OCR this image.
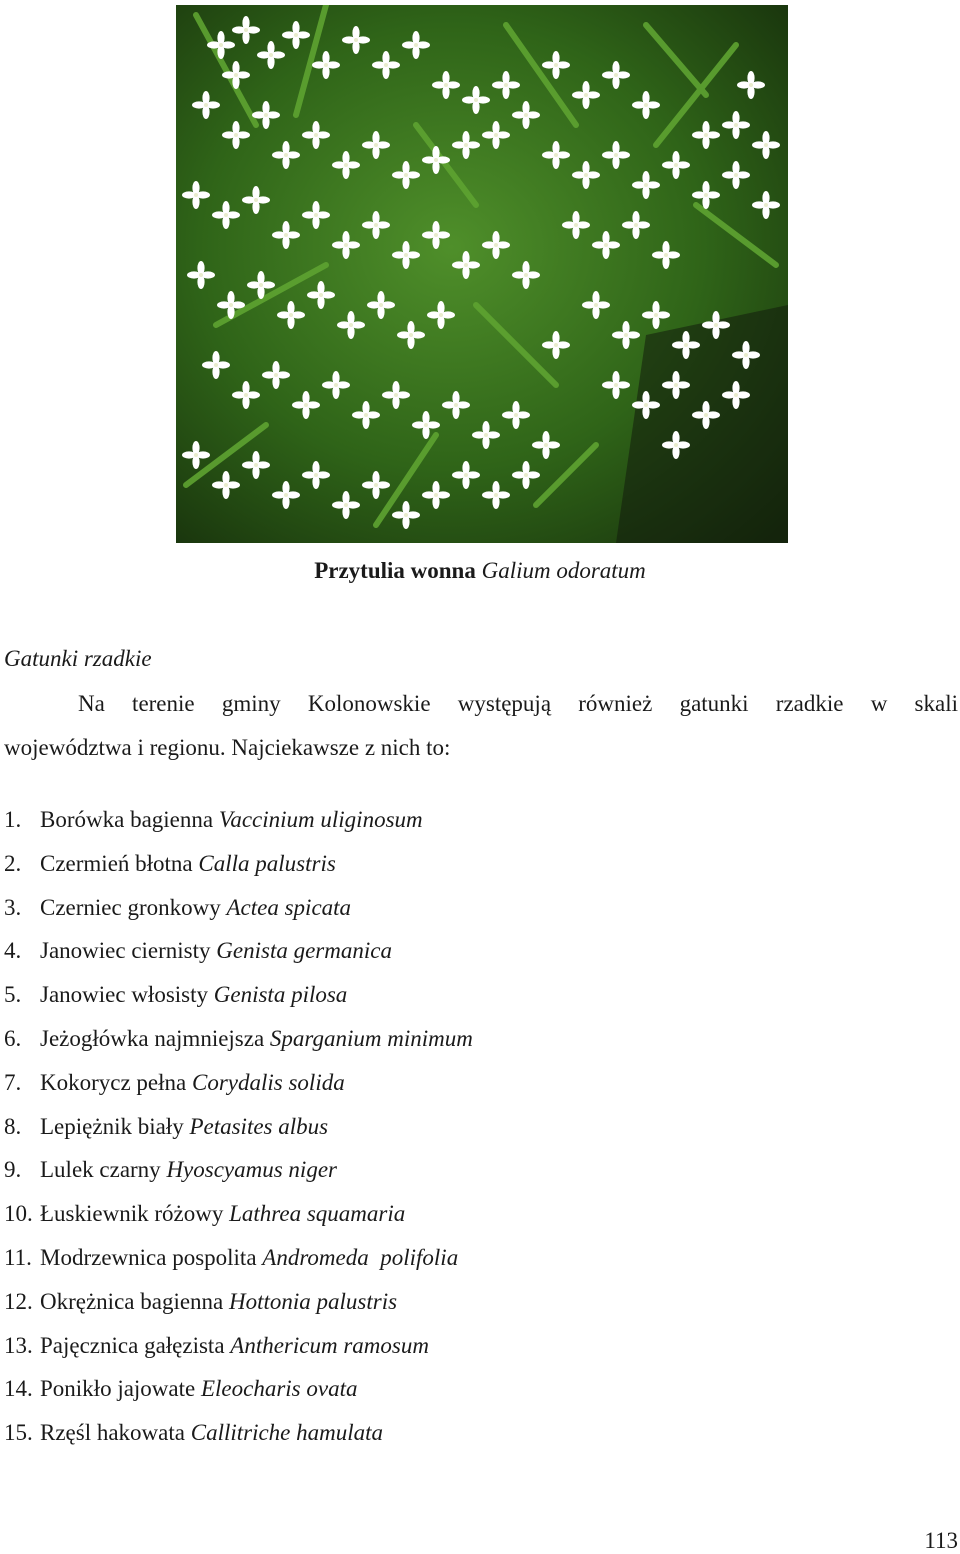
Przytulia wonna Galium odoratum
Gatunki rzadkie
Na terenie gminy Kolonowskie występują również gatunki rzadkie w skali
województwa i regionu. Najciekawsze z nich to:
1. Borówka bagienna Vaccinium uliginosum
2. Czermień błotna Calla palustris
3. Czerniec gronkowy Actea spicata
4. Janowiec ciernisty Genista germanica
5. Janowiec włosisty Genista pilosa
6. Jeżogłówka najmniejsza Sparganium minimum
7. Kokorycz pełna Corydalis solida
8. Lepiężnik biały Petasites albus
9. Lulek czarny Hyoscyamus niger
10. Łuskiewnik różowy Lathrea squamaria
11. Modrzewnica pospolita Andromeda  polifolia
12. Okrężnica bagienna Hottonia palustris
13. Pajęcznica gałęzista Anthericum ramosum
14. Ponikło jajowate Eleocharis ovata
15. Rzęśl hakowata Callitriche hamulata
113
